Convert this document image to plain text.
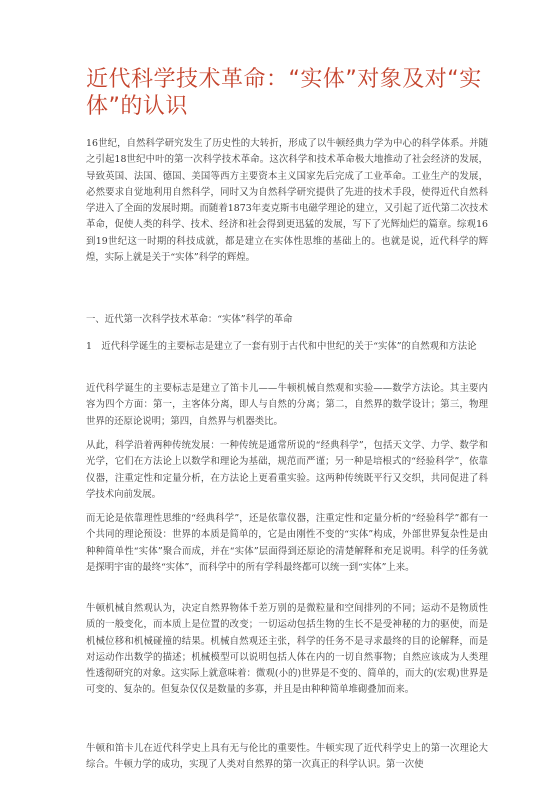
近代科学技术革命：“实体”对象及对“实体”的认识
16世纪，自然科学研究发生了历史性的大转折，形成了以牛顿经典力学为中心的科学体系。并随之引起18世纪中叶的第一次科学技术革命。这次科学和技术革命极大地推动了社会经济的发展，导致英国、法国、德国、美国等西方主要资本主义国家先后完成了工业革命。工业生产的发展，必然要求自觉地利用自然科学，同时又为自然科学研究提供了先进的技术手段，使得近代自然科学进入了全面的发展时期。而随着1873年麦克斯韦电磁学理论的建立，又引起了近代第二次技术革命，促使人类的科学、技术、经济和社会得到更迅猛的发展，写下了光辉灿烂的篇章。综观16到19世纪这一时期的科技成就，都是建立在实体性思维的基础上的。也就是说，近代科学的辉煌，实际上就是关于“实体”科学的辉煌。
一、近代第一次科学技术革命：“实体”科学的革命
1　近代科学诞生的主要标志是建立了一套有别于古代和中世纪的关于“实体”的自然观和方法论
近代科学诞生的主要标志是建立了笛卡儿——牛顿机械自然观和实验——数学方法论。其主要内容为四个方面：第一，主客体分离，即人与自然的分离；第二，自然界的数学设计；第三，物理世界的还原论说明；第四，自然界与机器类比。
从此，科学沿着两种传统发展：一种传统是通常所说的“经典科学”，包括天文学、力学、数学和光学，它们在方法论上以数学和理论为基础，规范而严谨；另一种是培根式的“经验科学”，依靠仪器，注重定性和定量分析，在方法论上更看重实验。这两种传统既平行又交织，共同促进了科学技术向前发展。
而无论是依靠理性思维的“经典科学”，还是依靠仪器，注重定性和定量分析的“经验科学”都有一个共同的理论预设：世界的本质是简单的，它是由刚性不变的“实体”构成，外部世界复杂性是由种种简单性“实体”聚合而成，并在“实体”层面得到还原论的清楚解释和充足说明。科学的任务就是探明宇宙的最终“实体”，而科学中的所有学科最终都可以统一到“实体”上来。
牛顿机械自然观认为，决定自然界物体千差万别的是微粒量和空间排列的不同；运动不是物质性质的一般变化，而本质上是位置的改变；一切运动包括生物的生长不是受神秘的力的驱使，而是机械位移和机械碰撞的结果。机械自然观还主张，科学的任务不是寻求最终的目的论解释，而是对运动作出数学的描述；机械模型可以说明包括人体在内的一切自然事物；自然应该成为人类理性透彻研究的对象。这实际上就意味着：微观(小的)世界是不变的、简单的，而大的(宏观)世界是可变的、复杂的。但复杂仅仅是数量的多寡，并且是由种种简单堆砌叠加而来。
牛顿和笛卡儿在近代科学史上具有无与伦比的重要性。牛顿实现了近代科学史上的第一次理论大综合。牛顿力学的成功，实现了人类对自然界的第一次真正的科学认识。第一次使
